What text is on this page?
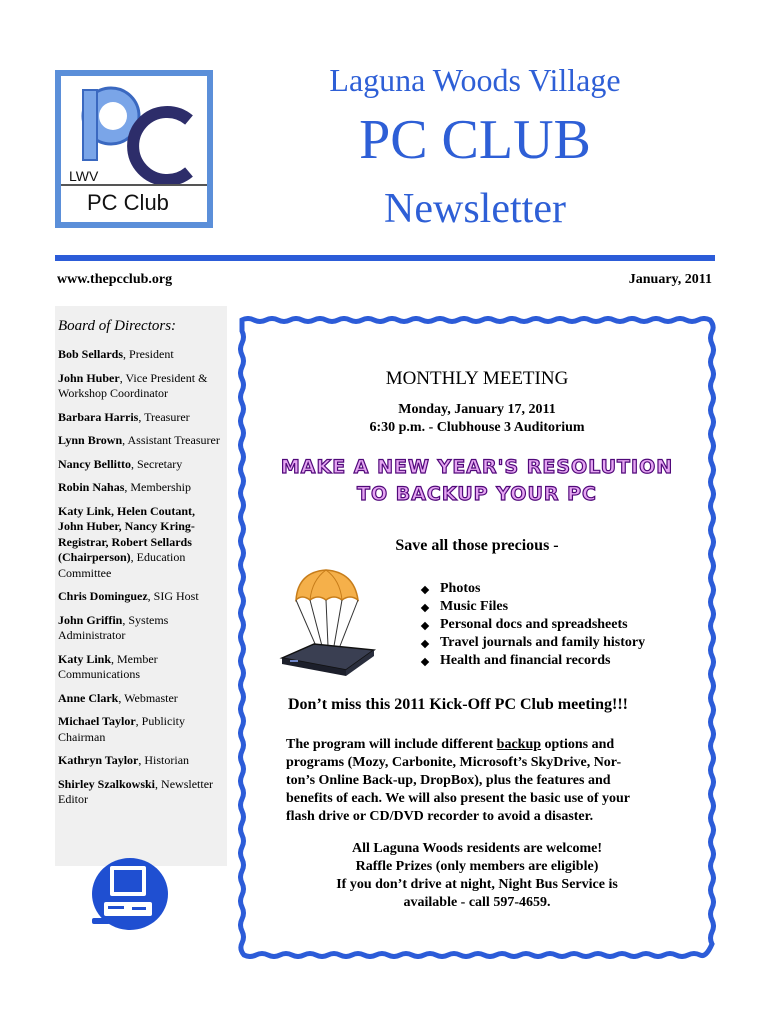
LWV
PC Club
Laguna Woods Village
PC CLUB
Newsletter
www.thepcclub.org	January, 2011
Board of Directors:
Bob Sellards, President
John Huber, Vice President & Workshop Coordinator
Barbara Harris, Treasurer
Lynn Brown, Assistant Treasurer
Nancy Bellitto, Secretary
Robin Nahas, Membership
Katy Link, Helen Coutant, John Huber, Nancy Kring-Registrar, Robert Sellards (Chairperson), Education Committee
Chris Dominguez, SIG Host
John Griffin, Systems Administrator
Katy Link, Member Communications
Anne Clark, Webmaster
Michael Taylor, Publicity Chairman
Kathryn Taylor, Historian
Shirley Szalkowski, Newsletter Editor
MONTHLY MEETING
Monday, January 17, 2011
6:30 p.m. - Clubhouse 3 Auditorium
MAKE A NEW YEAR'S RESOLUTION
TO BACKUP YOUR PC
Save all those precious -
Photos
Music Files
Personal docs and spreadsheets
Travel journals and family history
Health and financial records
Don’t miss this 2011 Kick-Off PC Club meeting!!!
The program will include different backup options and
programs (Mozy, Carbonite, Microsoft’s SkyDrive, Nor-
ton’s Online Back-up, DropBox), plus the features and
benefits of each. We will also present the basic use of your
flash drive or CD/DVD recorder to avoid a disaster.
All Laguna Woods residents are welcome!
Raffle Prizes (only members are eligible)
If you don’t drive at night, Night Bus Service is
available - call 597-4659.
